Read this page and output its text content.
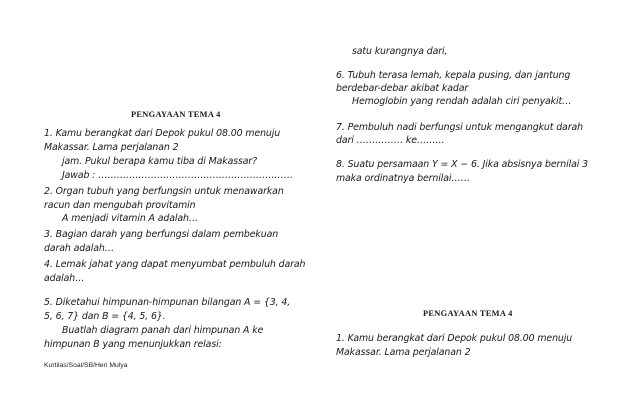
PENGAYAAN TEMA 4
1. Kamu berangkat dari Depok pukul 08.00 menuju
Makassar. Lama perjalanan 2
jam. Pukul berapa kamu tiba di Makassar?
Jawab : ………………………………………………………
2. Organ tubuh yang berfungsin untuk menawarkan
racun dan mengubah provitamin
A menjadi vitamin A adalah…
3. Bagian darah yang berfungsi dalam pembekuan
darah adalah…
4. Lemak jahat yang dapat menyumbat pembuluh darah
adalah…
5. Diketahui himpunan-himpunan bilangan A = {3, 4,
5, 6, 7} dan B = {4, 5, 6}.
Buatlah diagram panah dari himpunan A ke
himpunan B yang menunjukkan relasi:
Kurtilas/Soal/SB/Heri Mulya
satu kurangnya dari,
6. Tubuh terasa lemah, kepala pusing, dan jantung
berdebar-debar akibat kadar
Hemoglobin yang rendah adalah ciri penyakit…
7. Pembuluh nadi berfungsi untuk mengangkut darah
dari …………… ke………
8. Suatu persamaan Y = X − 6. Jika absisnya bernilai 3
maka ordinatnya bernilai……
PENGAYAAN TEMA 4
1. Kamu berangkat dari Depok pukul 08.00 menuju
Makassar. Lama perjalanan 2
